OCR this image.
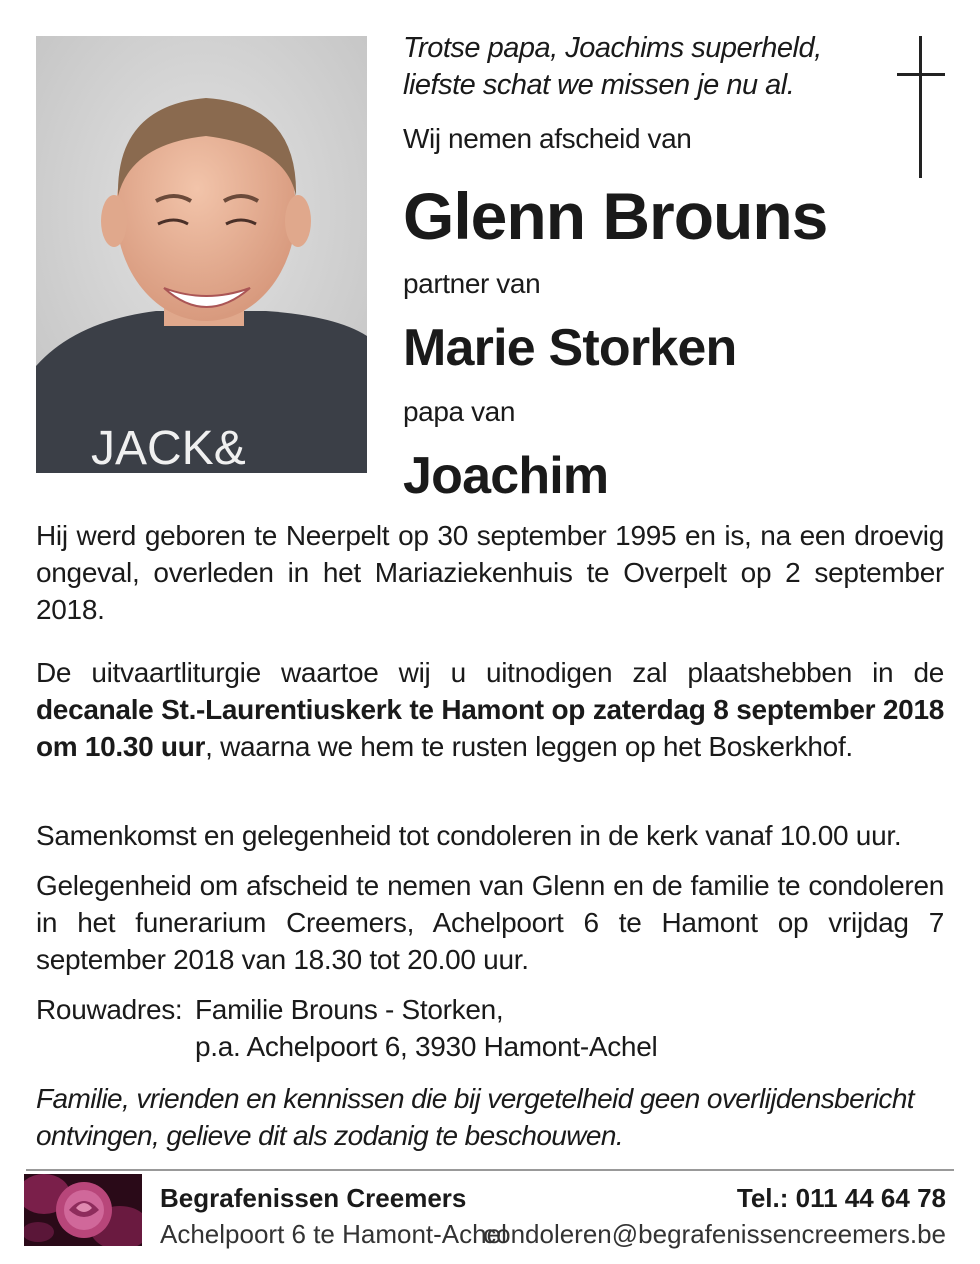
JACK&
Trotse papa, Joachims superheld,
liefste schat we missen je nu al.
Wij nemen afscheid van
Glenn Brouns
partner van
Marie Storken
papa van
Joachim

Hij werd geboren te Neerpelt op 30 september 1995 en is, na een droevig ongeval, overleden in het Mariaziekenhuis te Overpelt op 2 september 2018.

De uitvaartliturgie waartoe wij u uitnodigen zal plaatshebben in de decanale St.-Laurentiuskerk te Hamont op zaterdag 8 september 2018 om 10.30 uur, waarna we hem te rusten leggen op het Boskerkhof.

Samenkomst en gelegenheid tot condoleren in de kerk vanaf 10.00 uur.

Gelegenheid om afscheid te nemen van Glenn en de familie te condoleren in het funerarium Creemers, Achelpoort 6 te Hamont op vrijdag 7 september 2018 van 18.30 tot 20.00 uur.

Rouwadres: Familie Brouns - Storken,
p.a. Achelpoort 6, 3930 Hamont-Achel

Familie, vrienden en kennissen die bij vergetelheid geen overlijdensbericht ontvingen, gelieve dit als zodanig te beschouwen.

Begrafenissen Creemers
Achelpoort 6 te Hamont-Achel
Tel.: 011 44 64 78
condoleren@begrafenissencreemers.be
